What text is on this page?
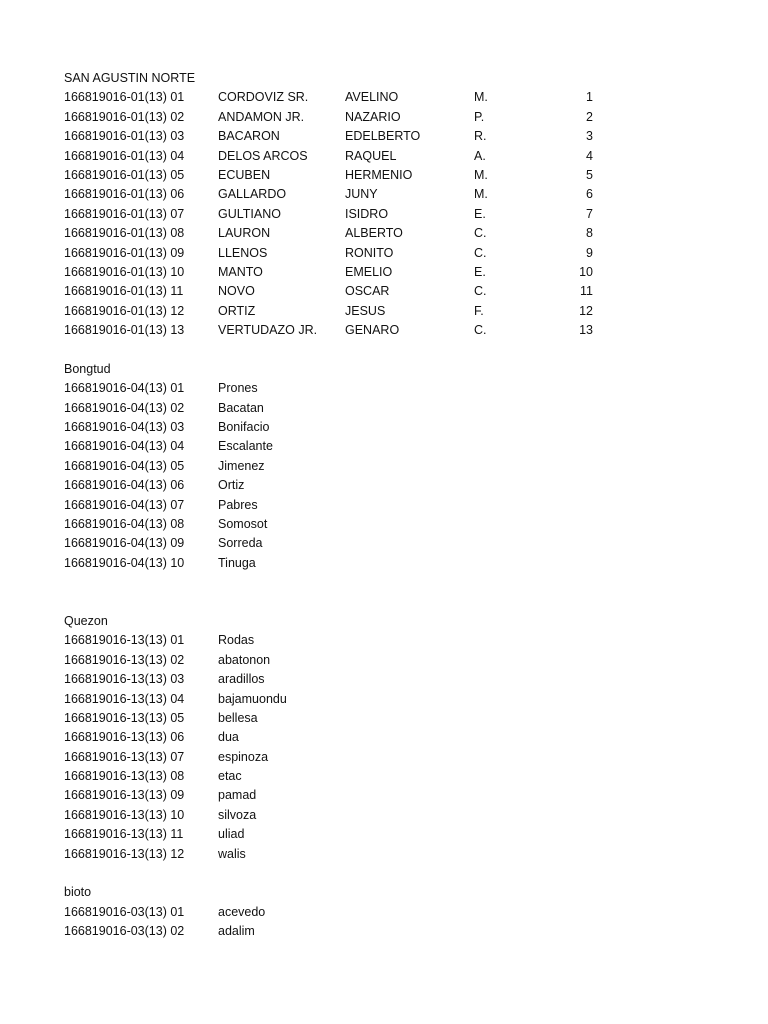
SAN AGUSTIN NORTE
166819016-01(13) 01	CORDOVIZ SR.	AVELINO	M.	1
166819016-01(13) 02	ANDAMON JR.	NAZARIO	P.	2
166819016-01(13) 03	BACARON	EDELBERTO	R.	3
166819016-01(13) 04	DELOS ARCOS	RAQUEL	A.	4
166819016-01(13) 05	ECUBEN	HERMENIO	M.	5
166819016-01(13) 06	GALLARDO	JUNY	M.	6
166819016-01(13) 07	GULTIANO	ISIDRO	E.	7
166819016-01(13) 08	LAURON	ALBERTO	C.	8
166819016-01(13) 09	LLENOS	RONITO	C.	9
166819016-01(13) 10	MANTO	EMELIO	E.	10
166819016-01(13) 11	NOVO	OSCAR	C.	11
166819016-01(13) 12	ORTIZ	JESUS	F.	12
166819016-01(13) 13	VERTUDAZO JR.	GENARO	C.	13
Bongtud
166819016-04(13) 01	Prones
166819016-04(13) 02	Bacatan
166819016-04(13) 03	Bonifacio
166819016-04(13) 04	Escalante
166819016-04(13) 05	Jimenez
166819016-04(13) 06	Ortiz
166819016-04(13) 07	Pabres
166819016-04(13) 08	Somosot
166819016-04(13) 09	Sorreda
166819016-04(13) 10	Tinuga
Quezon
166819016-13(13) 01	Rodas
166819016-13(13) 02	abatonon
166819016-13(13) 03	aradillos
166819016-13(13) 04	bajamuondu
166819016-13(13) 05	bellesa
166819016-13(13) 06	dua
166819016-13(13) 07	espinoza
166819016-13(13) 08	etac
166819016-13(13) 09	pamad
166819016-13(13) 10	silvoza
166819016-13(13) 11	uliad
166819016-13(13) 12	walis
bioto
166819016-03(13) 01	acevedo
166819016-03(13) 02	adalim
